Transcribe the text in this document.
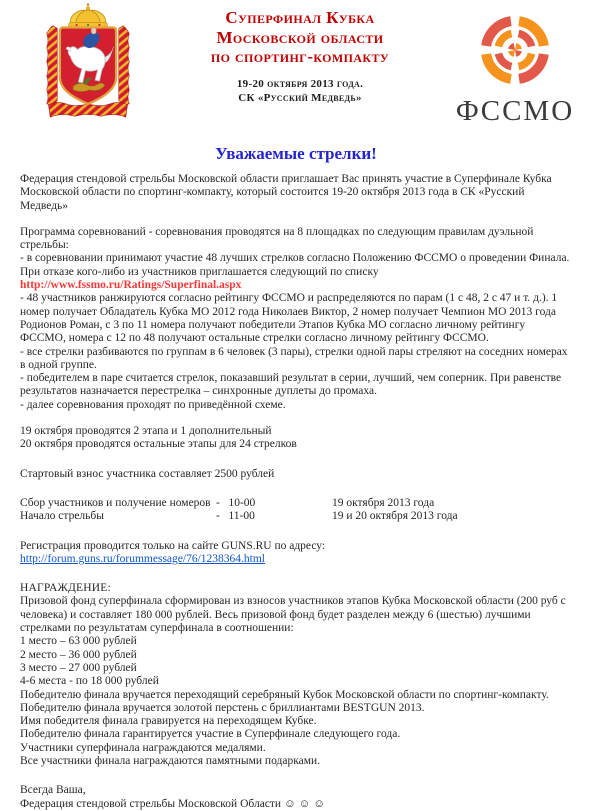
Суперфинал Кубка
Московской области
по спортинг-компакту
19-20 октября 2013 года.
СК «Русский Медведь»	ФССМО
Уважаемые стрелки!

Федерация стендовой стрельбы Московской области приглашает Вас принять участие в Суперфинале Кубка Московской области по спортинг-компакту, который состоится 19-20 октября 2013 года в СК «Русский Медведь»

Программа соревнований - соревнования проводятся на 8 площадках по следующим правилам дуэльной стрельбы:

- в соревновании принимают участие 48 лучших стрелков согласно Положению ФССМО о проведении Финала. При отказе кого-либо из участников приглашается следующий по списку

http://www.fssmo.ru/Ratings/Superfinal.aspx

- 48 участников ранжируются согласно рейтингу ФССМО и распределяются по парам (1 с 48, 2 с 47 и т. д.). 1 номер получает Обладатель Кубка МО 2012 года Николаев Виктор, 2 номер получает Чемпион МО 2013 года Родионов Роман, с 3 по 11 номера получают победители Этапов Кубка МО согласно личному рейтингу ФССМО, номера с 12 по 48 получают остальные стрелки согласно личному рейтингу ФССМО.

- все стрелки разбиваются по группам в 6 человек (3 пары), стрелки одной пары стреляют на соседних номерах в одной группе.

- победителем в паре считается стрелок, показавший результат в серии, лучший, чем соперник. При равенстве результатов назначается перестрелка – синхронные дуплеты до промаха.

- далее соревнования проходят по приведённой схеме.

19 октября проводятся 2 этапа и 1 дополнительный

20 октября проводятся остальные этапы для 24 стрелков

Стартовый взнос участника составляет 2500 рублей

Сбор участников и получение номеров -   10-00	19 октября 2013 года
Начало стрельбы	-   11-00	19 и 20 октября 2013 года

Регистрация проводится только на сайте GUNS.RU по адресу: http://forum.guns.ru/forummessage/76/1238364.html

НАГРАЖДЕНИЕ:

Призовой фонд суперфинала сформирован из взносов участников этапов Кубка Московской области (200 руб с человека) и составляет 180 000 рублей. Весь призовой фонд будет разделен между 6 (шестью) лучшими стрелками по результатам суперфинала в соотношении:

1 место – 63 000 рублей

2 место – 36 000 рублей

3 место – 27 000 рублей

4-6 места - по 18 000 рублей

Победителю финала вручается переходящий серебряный Кубок Московской области по спортинг-компакту.

Победителю финала вручается золотой перстень с бриллиантами BESTGUN 2013.

Имя победителя финала гравируется на переходящем Кубке.

Победителю финала гарантируется участие в Суперфинале следующего года.

Участники суперфинала награждаются медалями.

Все участники финала награждаются памятными подарками.

Всегда Ваша,

Федерация стендовой стрельбы Московской Области ☺ ☺ ☺
